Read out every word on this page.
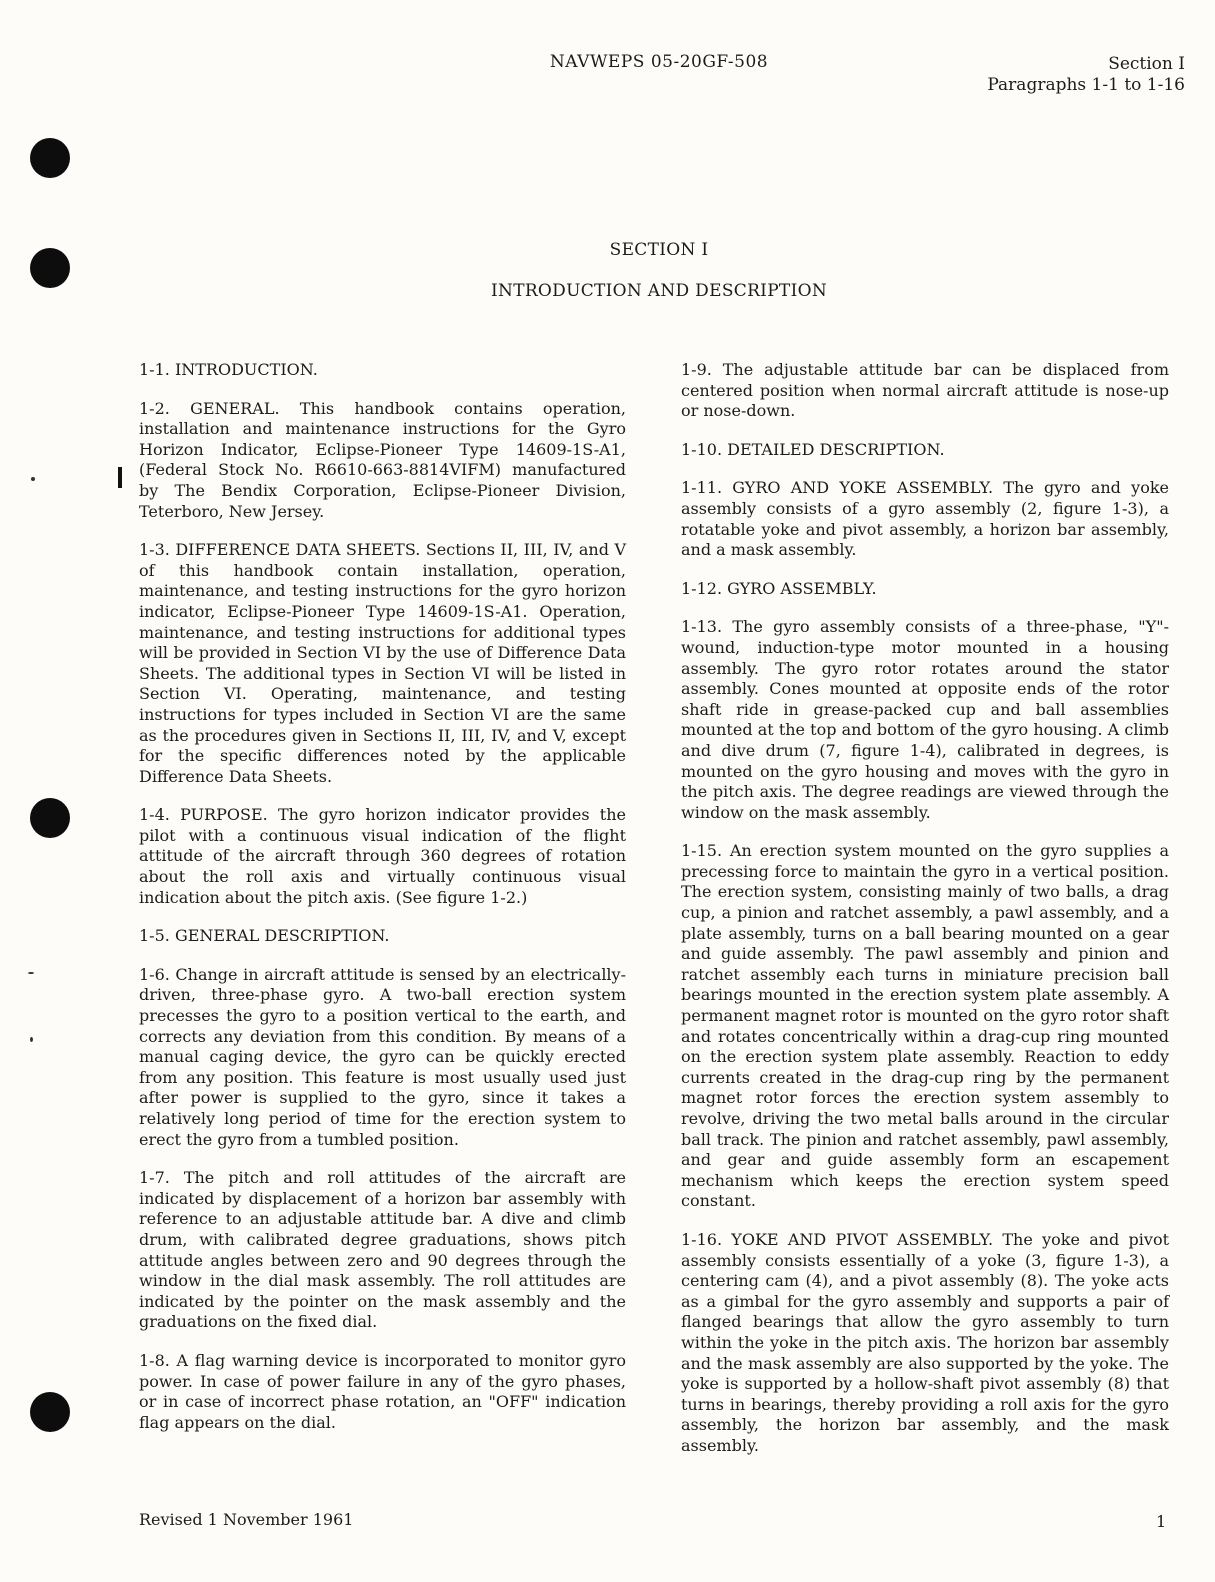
NAVWEPS 05-20GF-508	Section I
Paragraphs 1-1 to 1-16
SECTION I
INTRODUCTION AND DESCRIPTION

1-1. INTRODUCTION.

1-2. GENERAL. This handbook contains operation, installation and maintenance instructions for the Gyro Horizon Indicator, Eclipse-Pioneer Type 14609-1S-A1, (Federal Stock No. R6610-663-8814VIFM) manufactured by The Bendix Corporation, Eclipse-Pioneer Division, Teterboro, New Jersey.

1-3. DIFFERENCE DATA SHEETS. Sections II, III, IV, and V of this handbook contain installation, operation, maintenance, and testing instructions for the gyro horizon indicator, Eclipse-Pioneer Type 14609-1S-A1. Operation, maintenance, and testing instructions for additional types will be provided in Section VI by the use of Difference Data Sheets. The additional types in Section VI will be listed in Section VI. Operating, maintenance, and testing instructions for types included in Section VI are the same as the procedures given in Sections II, III, IV, and V, except for the specific differences noted by the applicable Difference Data Sheets.

1-4. PURPOSE. The gyro horizon indicator provides the pilot with a continuous visual indication of the flight attitude of the aircraft through 360 degrees of rotation about the roll axis and virtually continuous visual indication about the pitch axis. (See figure 1-2.)

1-5. GENERAL DESCRIPTION.

1-6. Change in aircraft attitude is sensed by an electrically-driven, three-phase gyro. A two-ball erection system precesses the gyro to a position vertical to the earth, and corrects any deviation from this condition. By means of a manual caging device, the gyro can be quickly erected from any position. This feature is most usually used just after power is supplied to the gyro, since it takes a relatively long period of time for the erection system to erect the gyro from a tumbled position.

1-7. The pitch and roll attitudes of the aircraft are indicated by displacement of a horizon bar assembly with reference to an adjustable attitude bar. A dive and climb drum, with calibrated degree graduations, shows pitch attitude angles between zero and 90 degrees through the window in the dial mask assembly. The roll attitudes are indicated by the pointer on the mask assembly and the graduations on the fixed dial.

1-8. A flag warning device is incorporated to monitor gyro power. In case of power failure in any of the gyro phases, or in case of incorrect phase rotation, an "OFF" indication flag appears on the dial.

1-9. The adjustable attitude bar can be displaced from centered position when normal aircraft attitude is nose-up or nose-down.

1-10. DETAILED DESCRIPTION.

1-11. GYRO AND YOKE ASSEMBLY. The gyro and yoke assembly consists of a gyro assembly (2, figure 1-3), a rotatable yoke and pivot assembly, a horizon bar assembly, and a mask assembly.

1-12. GYRO ASSEMBLY.

1-13. The gyro assembly consists of a three-phase, "Y"-wound, induction-type motor mounted in a housing assembly. The gyro rotor rotates around the stator assembly. Cones mounted at opposite ends of the rotor shaft ride in grease-packed cup and ball assemblies mounted at the top and bottom of the gyro housing. A climb and dive drum (7, figure 1-4), calibrated in degrees, is mounted on the gyro housing and moves with the gyro in the pitch axis. The degree readings are viewed through the window on the mask assembly.

1-15. An erection system mounted on the gyro supplies a precessing force to maintain the gyro in a vertical position. The erection system, consisting mainly of two balls, a drag cup, a pinion and ratchet assembly, a pawl assembly, and a plate assembly, turns on a ball bearing mounted on a gear and guide assembly. The pawl assembly and pinion and ratchet assembly each turns in miniature precision ball bearings mounted in the erection system plate assembly. A permanent magnet rotor is mounted on the gyro rotor shaft and rotates concentrically within a drag-cup ring mounted on the erection system plate assembly. Reaction to eddy currents created in the drag-cup ring by the permanent magnet rotor forces the erection system assembly to revolve, driving the two metal balls around in the circular ball track. The pinion and ratchet assembly, pawl assembly, and gear and guide assembly form an escapement mechanism which keeps the erection system speed constant.

1-16. YOKE AND PIVOT ASSEMBLY. The yoke and pivot assembly consists essentially of a yoke (3, figure 1-3), a centering cam (4), and a pivot assembly (8). The yoke acts as a gimbal for the gyro assembly and supports a pair of flanged bearings that allow the gyro assembly to turn within the yoke in the pitch axis. The horizon bar assembly and the mask assembly are also supported by the yoke. The yoke is supported by a hollow-shaft pivot assembly (8) that turns in bearings, thereby providing a roll axis for the gyro assembly, the horizon bar assembly, and the mask assembly.

Revised 1 November 1961	1
